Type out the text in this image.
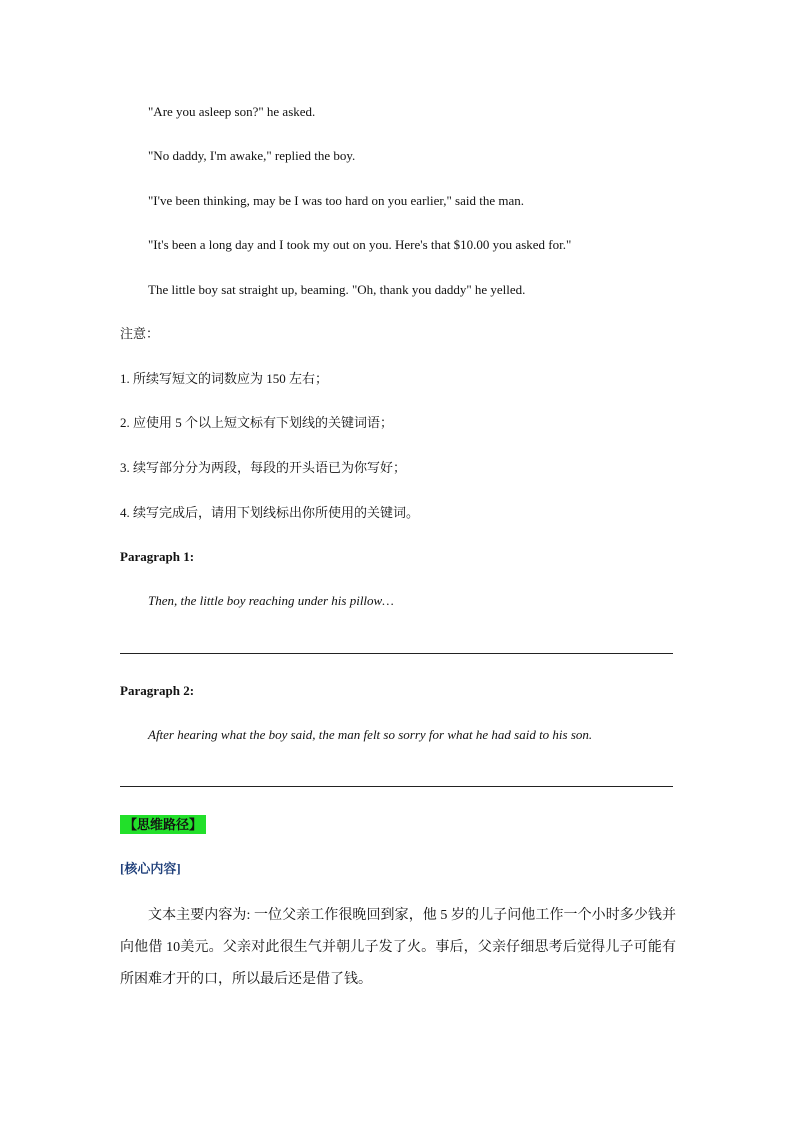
"Are you asleep son?" he asked.
"No daddy, I'm awake," replied the boy.
"I've been thinking, may be I was too hard on you earlier," said the man.
"It's been a long day and I took my out on you. Here's that $10.00 you asked for."
The little boy sat straight up, beaming. "Oh, thank you daddy" he yelled.
注意：
1. 所续写短文的词数应为 150 左右；
2. 应使用 5 个以上短文标有下划线的关键词语；
3. 续写部分分为两段，每段的开头语已为你写好；
4. 续写完成后，请用下划线标出你所使用的关键词。
Paragraph 1:
Then, the little boy reaching under his pillow…
Paragraph 2:
After hearing what the boy said, the man felt so sorry for what he had said to his son.
【思维路径】
[核心内容]
文本主要内容为: 一位父亲工作很晚回到家，他 5 岁的儿子问他工作一个小时多少钱并向他借 10美元。父亲对此很生气并朝儿子发了火。事后，父亲仔细思考后觉得儿子可能有所困难才开的口，所以最后还是借了钱。
